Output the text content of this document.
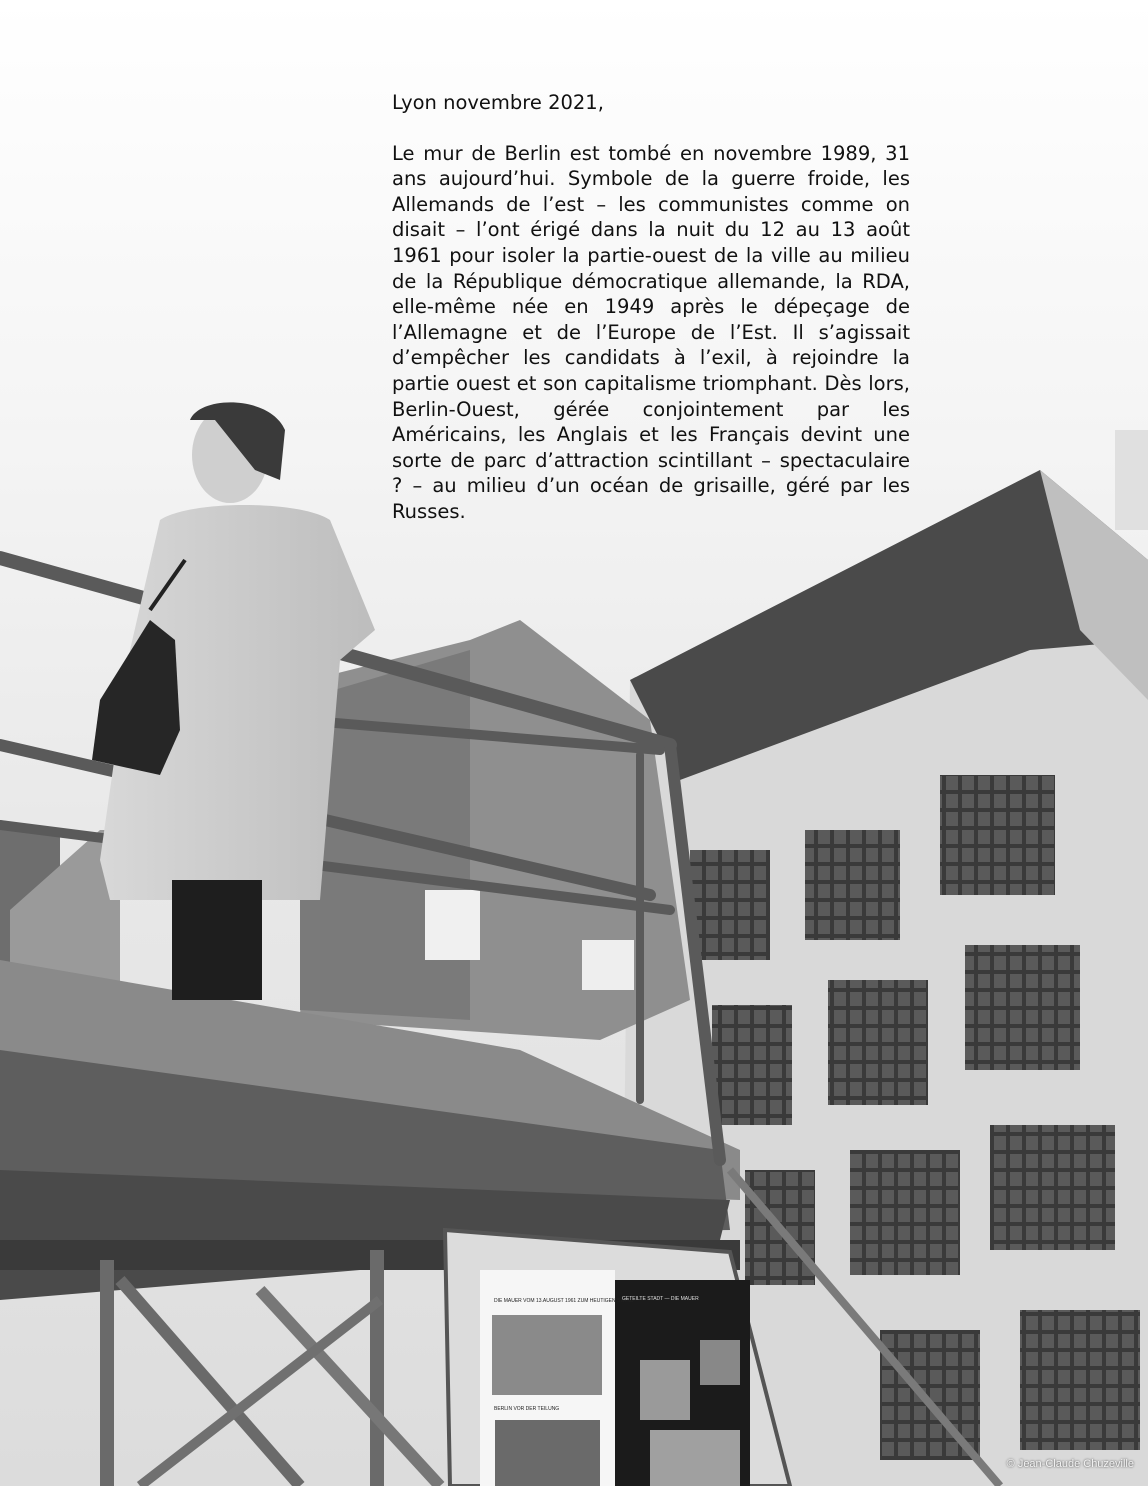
DIE MAUER VOM 13.AUGUST 1961 ZUM HEUTIGEN STAND
GETEILTE STADT — DIE MAUER
BERLIN VOR DER TEILUNG

Lyon novembre 2021,

Le mur de Berlin est tombé en novembre 1989, 31 ans aujourd’hui. Symbole de la guerre froide, les Allemands de l’est – les communistes comme on disait – l’ont érigé dans la nuit du 12 au 13 août 1961 pour isoler la partie-ouest de la ville au milieu de la République démocratique allemande, la RDA, elle-même née en 1949 après le dépeçage de l’Allemagne et de l’Europe de l’Est. Il s’agissait d’empêcher les candidats à l’exil, à rejoindre la partie ouest et son capitalisme triomphant. Dès lors, Berlin-Ouest, gérée conjointement par les Américains, les Anglais et les Français devint une sorte de parc d’attraction scintillant – spectaculaire ? – au milieu d’un océan de grisaille, géré par les Russes.

© Jean-Claude Chuzeville
